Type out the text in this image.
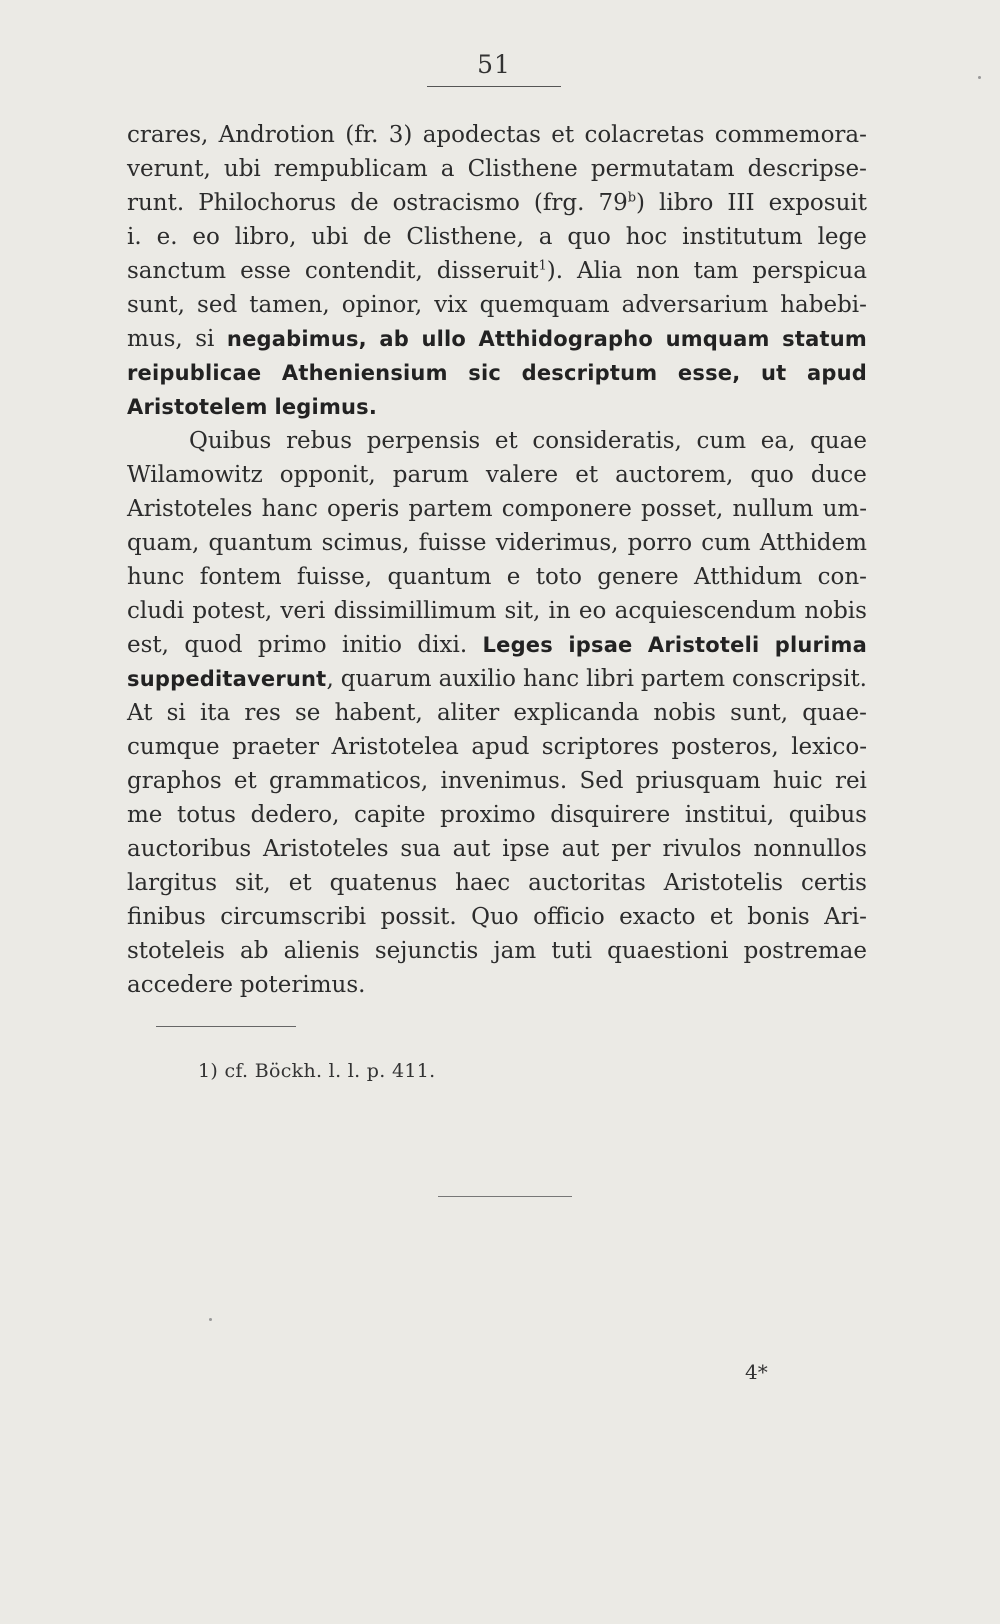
51
crares, Androtion (fr. 3) apodectas et colacretas commemora-
verunt, ubi rempublicam a Clisthene permutatam descripse-
runt. Philochorus de ostracismo (frg. 79$^b$) libro III exposuit
i. e. eo libro, ubi de Clisthene, a quo hoc institutum lege
sanctum esse contendit, disseruit$^1$). Alia non tam perspicua
sunt, sed tamen, opinor, vix quemquam adversarium habebi-
mus, si negabimus, ab ullo Atthidographo umquam statum
reipublicae Atheniensium sic descriptum esse, ut apud
Aristotelem legimus.
Quibus rebus perpensis et consideratis, cum ea, quae
Wilamowitz opponit, parum valere et auctorem, quo duce
Aristoteles hanc operis partem componere posset, nullum um-
quam, quantum scimus, fuisse viderimus, porro cum Atthidem
hunc fontem fuisse, quantum e toto genere Atthidum con-
cludi potest, veri dissimillimum sit, in eo acquiescendum nobis
est, quod primo initio dixi. Leges ipsae Aristoteli plurima
suppeditaverunt, quarum auxilio hanc libri partem conscripsit.
At si ita res se habent, aliter explicanda nobis sunt, quae-
cumque praeter Aristotelea apud scriptores posteros, lexico-
graphos et grammaticos, invenimus. Sed priusquam huic rei
me totus dedero, capite proximo disquirere institui, quibus
auctoribus Aristoteles sua aut ipse aut per rivulos nonnullos
largitus sit, et quatenus haec auctoritas Aristotelis certis
finibus circumscribi possit. Quo officio exacto et bonis Ari-
stoteleis ab alienis sejunctis jam tuti quaestioni postremae
accedere poterimus.
1) cf. Böckh. l. l. p. 411.
4*
